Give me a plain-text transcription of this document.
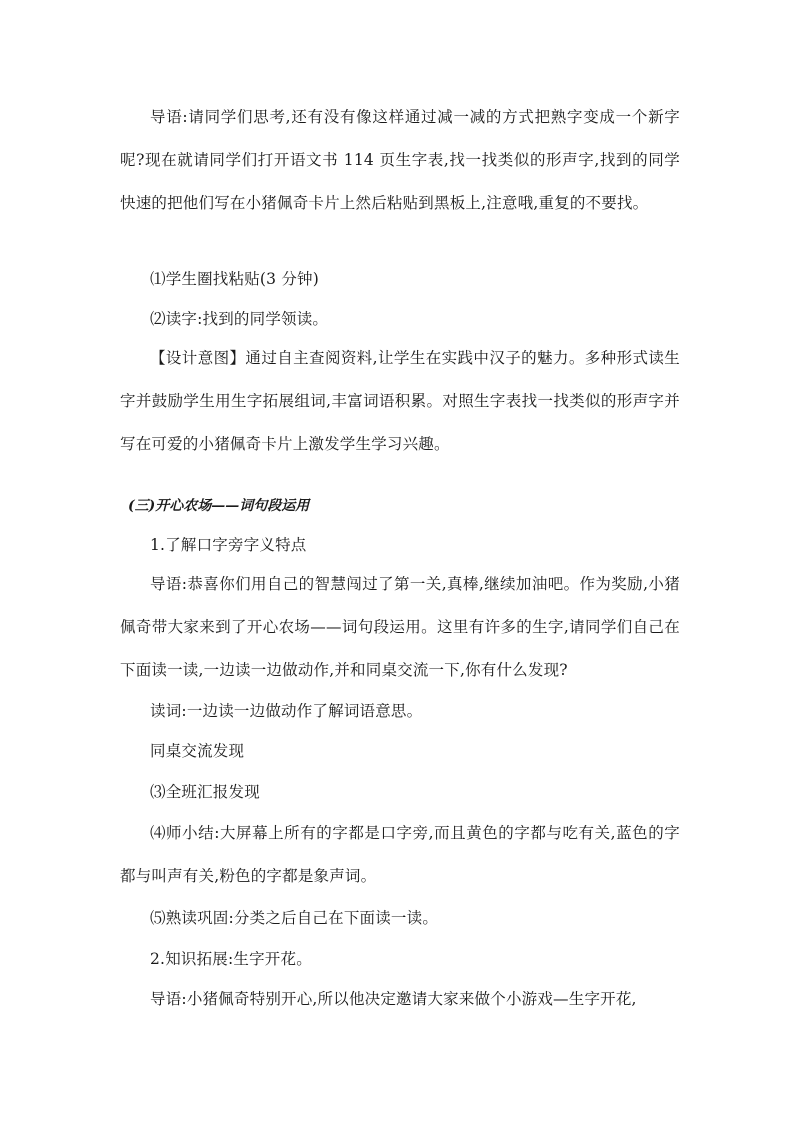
导语:请同学们思考,还有没有像这样通过减一减的方式把熟字变成一个新字呢?现在就请同学们打开语文书 114 页生字表,找一找类似的形声字,找到的同学快速的把他们写在小猪佩奇卡片上然后粘贴到黑板上,注意哦,重复的不要找。

⑴学生圈找粘贴(3 分钟)

⑵读字:找到的同学领读。

【设计意图】通过自主查阅资料,让学生在实践中汉子的魅力。多种形式读生字并鼓励学生用生字拓展组词,丰富词语积累。对照生字表找一找类似的形声字并写在可爱的小猪佩奇卡片上激发学生学习兴趣。

(三)开心农场——词句段运用

1.了解口字旁字义特点

导语:恭喜你们用自己的智慧闯过了第一关,真棒,继续加油吧。作为奖励,小猪佩奇带大家来到了开心农场——词句段运用。这里有许多的生字,请同学们自己在下面读一读,一边读一边做动作,并和同桌交流一下,你有什么发现?

读词:一边读一边做动作了解词语意思。

同桌交流发现

⑶全班汇报发现

⑷师小结:大屏幕上所有的字都是口字旁,而且黄色的字都与吃有关,蓝色的字都与叫声有关,粉色的字都是象声词。

⑸熟读巩固:分类之后自己在下面读一读。

2.知识拓展:生字开花。

导语:小猪佩奇特别开心,所以他决定邀请大家来做个小游戏—生字开花,
